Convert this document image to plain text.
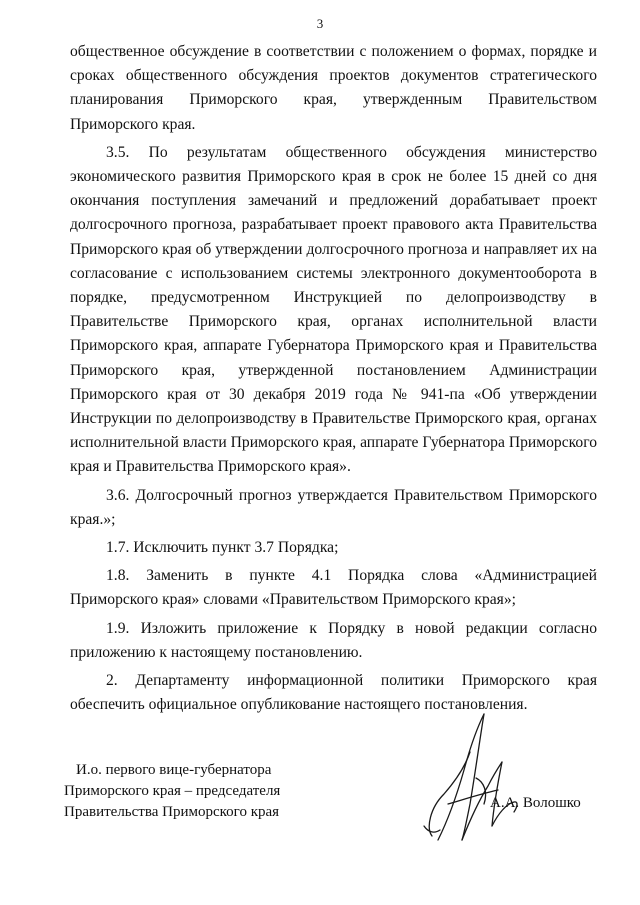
3

общественное обсуждение в соответствии с положением о формах, порядке и сроках общественного обсуждения проектов документов стратегического планирования Приморского края, утвержденным Правительством Приморского края.

3.5. По результатам общественного обсуждения министерство экономического развития Приморского края в срок не более 15 дней со дня окончания поступления замечаний и предложений дорабатывает проект долгосрочного прогноза, разрабатывает проект правового акта Правительства Приморского края об утверждении долгосрочного прогноза и направляет их на согласование с использованием системы электронного документооборота в порядке, предусмотренном Инструкцией по делопроизводству в Правительстве Приморского края, органах исполнительной власти Приморского края, аппарате Губернатора Приморского края и Правительства Приморского края, утвержденной постановлением Администрации Приморского края от 30 декабря 2019 года № 941-па «Об утверждении Инструкции по делопроизводству в Правительстве Приморского края, органах исполнительной власти Приморского края, аппарате Губернатора Приморского края и Правительства Приморского края».

3.6. Долгосрочный прогноз утверждается Правительством Приморского края.»;

1.7. Исключить пункт 3.7 Порядка;

1.8. Заменить в пункте 4.1 Порядка слова «Администрацией Приморского края» словами «Правительством Приморского края»;

1.9. Изложить приложение к Порядку в новой редакции согласно приложению к настоящему постановлению.

2. Департаменту информационной политики Приморского края обеспечить официальное опубликование настоящего постановления.

И.о. первого вице-губернатора
Приморского края – председателя
Правительства Приморского края
А.А. Волошко
